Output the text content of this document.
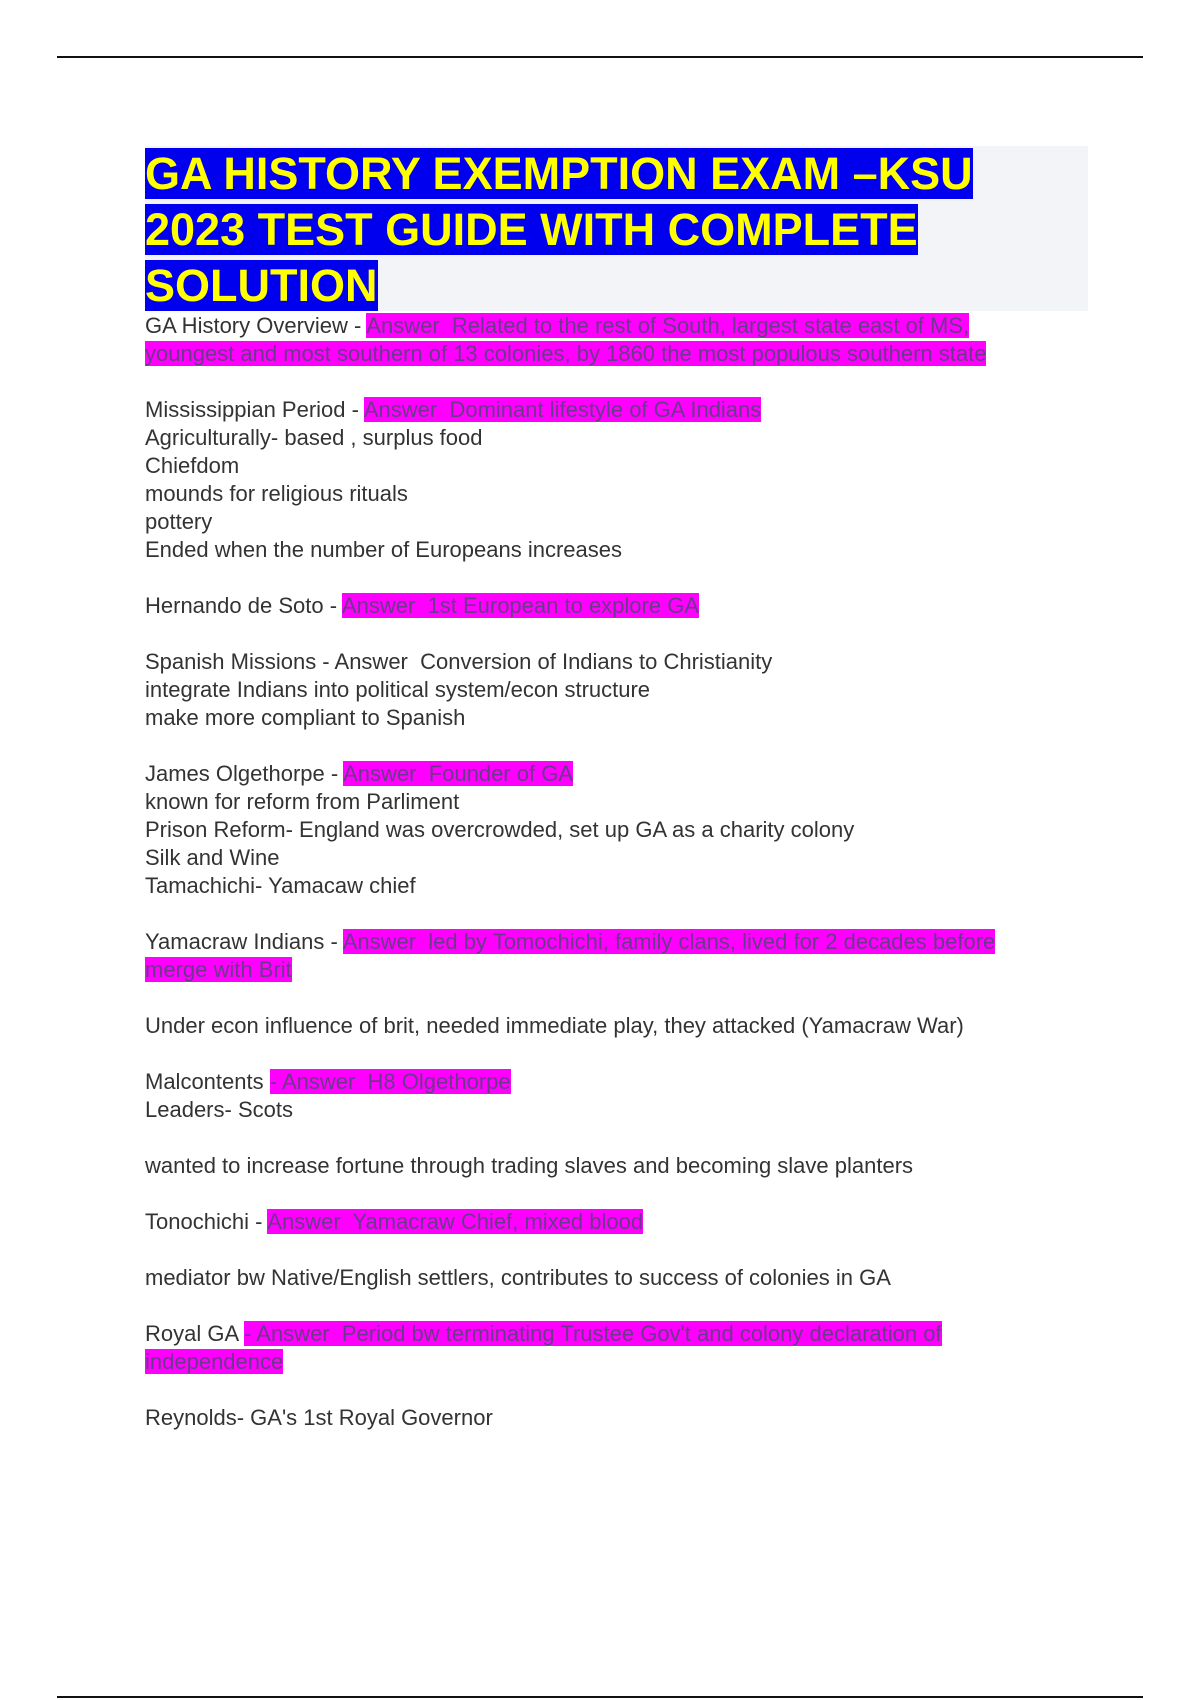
GA HISTORY EXEMPTION EXAM –KSU
2023 TEST GUIDE WITH COMPLETE
SOLUTION
GA History Overview - Answer  Related to the rest of South, largest state east of MS,
youngest and most southern of 13 colonies, by 1860 the most populous southern state
Mississippian Period - Answer  Dominant lifestyle of GA Indians
Agriculturally- based , surplus food
Chiefdom
mounds for religious rituals
pottery
Ended when the number of Europeans increases
Hernando de Soto - Answer  1st European to explore GA
Spanish Missions - Answer  Conversion of Indians to Christianity
integrate Indians into political system/econ structure
make more compliant to Spanish
James Olgethorpe - Answer  Founder of GA
known for reform from Parliment
Prison Reform- England was overcrowded, set up GA as a charity colony
Silk and Wine
Tamachichi- Yamacaw chief
Yamacraw Indians - Answer  led by Tomochichi, family clans, lived for 2 decades before
merge with Brit
Under econ influence of brit, needed immediate play, they attacked (Yamacraw War)
Malcontents - Answer  H8 Olgethorpe
Leaders- Scots
wanted to increase fortune through trading slaves and becoming slave planters
Tonochichi - Answer  Yamacraw Chief, mixed blood
mediator bw Native/English settlers, contributes to success of colonies in GA
Royal GA - Answer  Period bw terminating Trustee Gov't and colony declaration of
independence
Reynolds- GA's 1st Royal Governor
